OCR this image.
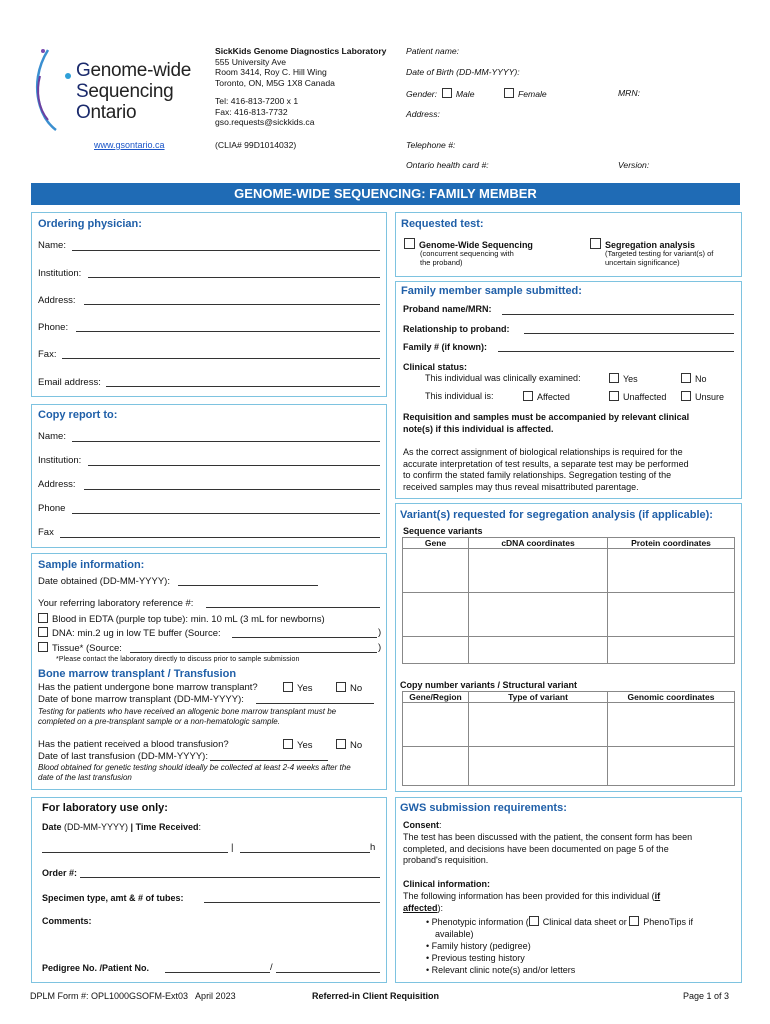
Genome-wide
Sequencing
Ontario
www.gsontario.ca
SickKids Genome Diagnostics Laboratory
555 University Ave
Room 3414, Roy C. Hill Wing
Toronto, ON, M5G 1X8 Canada
Tel: 416-813-7200 x 1
Fax: 416-813-7732
gso.requests@sickkids.ca
(CLIA# 99D1014032)
Patient name:
Date of Birth (DD-MM-YYYY):
Gender: Male	Female	MRN:
Address:
Telephone #:
Ontario health card #:	Version:
GENOME-WIDE SEQUENCING: FAMILY MEMBER
Ordering physician:
Name:
Institution:
Address:
Phone:
Fax:
Email address:
Copy report to:
Name:
Institution:
Address:
Phone
Fax
Sample information:
Date obtained (DD-MM-YYYY):
Your referring laboratory reference #:
Blood in EDTA (purple top tube): min. 10 mL (3 mL for newborns)
DNA: min.2 ug in low TE buffer (Source:	)
Tissue* (Source:	)
*Please contact the laboratory directly to discuss prior to sample submission
Bone marrow transplant / Transfusion
Has the patient undergone bone marrow transplant?	Yes	No
Date of bone marrow transplant (DD-MM-YYYY):
Testing for patients who have received an allogenic bone marrow transplant must be
completed on a pre-transplant sample or a non-hematologic sample.
Has the patient received a blood transfusion?	Yes	No
Date of last transfusion (DD-MM-YYYY):
Blood obtained for genetic testing should ideally be collected at least 2-4 weeks after the
date of the last transfusion
For laboratory use only:
Date (DD-MM-YYYY) | Time Received:
|	h
Order #:
Specimen type, amt & # of tubes:
Comments:
Pedigree No. /Patient No.	/
Requested test:
Genome-Wide Sequencing
(concurrent sequencing with
the proband)
Segregation analysis
(Targeted testing for variant(s) of
uncertain significance)
Family member sample submitted:
Proband name/MRN:
Relationship to proband:
Family # (if known):
Clinical status:
This individual was clinically examined:	Yes	No
This individual is:	Affected	Unaffected	Unsure
Requisition and samples must be accompanied by relevant clinical
note(s) if this individual is affected.
As the correct assignment of biological relationships is required for the
accurate interpretation of test results, a separate test may be performed
to confirm the stated family relationships. Segregation testing of the
received samples may thus reveal misattributed parentage.
Variant(s) requested for segregation analysis (if applicable):
Sequence variants
Gene	cDNA coordinates	Protein coordinates

Copy number variants / Structural variant
Gene/Region	Type of variant	Genomic coordinates

GWS submission requirements:
Consent:
The test has been discussed with the patient, the consent form has been
completed, and decisions have been documented on page 5 of the
proband's requisition.
Clinical information:
The following information has been provided for this individual (if
affected):
• Phenotypic information ( Clinical data sheet or PhenoTips if
available)
• Family history (pedigree)
• Previous testing history
• Relevant clinic note(s) and/or letters
DPLM Form #: OPL1000GSOFM-Ext03   April 2023	Referred-in Client Requisition	Page 1 of 3
